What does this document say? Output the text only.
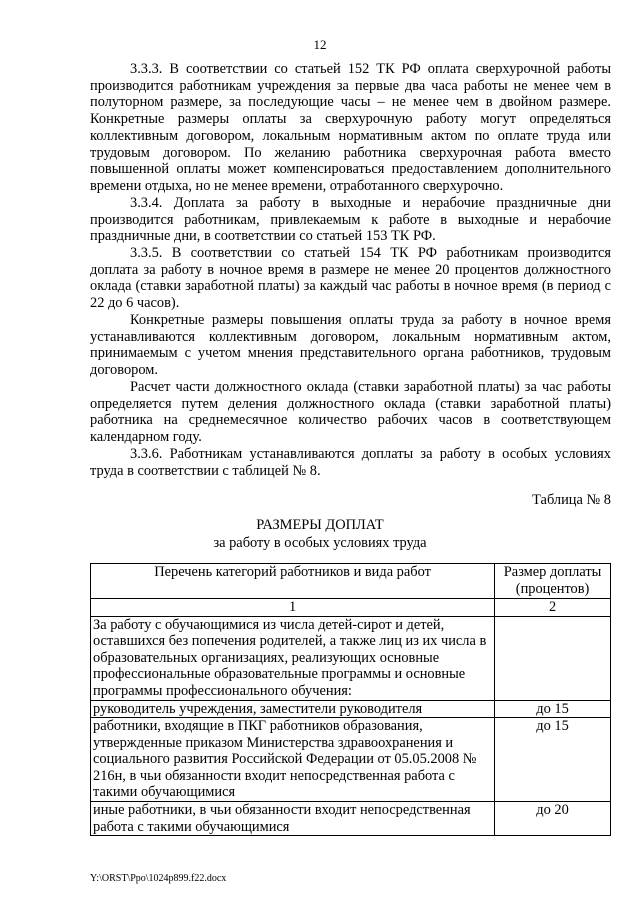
12

3.3.3. В соответствии со статьей 152 ТК РФ оплата сверхурочной работы производится работникам учреждения за первые два часа работы не менее чем в полуторном размере, за последующие часы – не менее чем в двойном размере. Конкретные размеры оплаты за сверхурочную работу могут определяться коллективным договором, локальным нормативным актом по оплате труда или трудовым договором. По желанию работника сверхурочная работа вместо повышенной оплаты может компенсироваться предоставлением дополнительного времени отдыха, но не менее времени, отработанного сверхурочно.

3.3.4. Доплата за работу в выходные и нерабочие праздничные дни производится работникам, привлекаемым к работе в выходные и нерабочие праздничные дни, в соответствии со статьей 153 ТК РФ.

3.3.5. В соответствии со статьей 154 ТК РФ работникам производится доплата за работу в ночное время в размере не менее 20 процентов должностного оклада (ставки заработной платы) за каждый час работы в ночное время (в период с 22 до 6 часов).

Конкретные размеры повышения оплаты труда за работу в ночное время устанавливаются коллективным договором, локальным нормативным актом, принимаемым с учетом мнения представительного органа работников, трудовым договором.

Расчет части должностного оклада (ставки заработной платы) за час работы определяется путем деления должностного оклада (ставки заработной платы) работника на среднемесячное количество рабочих часов в соответствующем календарном году.

3.3.6. Работникам устанавливаются доплаты за работу в особых условиях труда в соответствии с таблицей № 8.

Таблица № 8
РАЗМЕРЫ ДОПЛАТ
за работу в особых условиях труда
Перечень категорий работников и вида работ	Размер доплаты (процентов)
1	2
За работу с обучающимися из числа детей-сирот и детей, оставшихся без попечения родителей, а также лиц из их числа в образовательных организациях, реализующих основные профессиональные образовательные программы и основные программы профессионального обучения:	
руководитель учреждения, заместители руководителя	до 15
работники, входящие в ПКГ работников образования, утвержденные приказом Министерства здравоохранения и социального развития Российской Федерации от 05.05.2008 № 216н, в чьи обязанности входит непосредственная работа с такими обучающимися	до 15
иные работники, в чьи обязанности входит непосредственная работа с такими обучающимися	до 20
Y:\ORST\Ppo\1024p899.f22.docx
